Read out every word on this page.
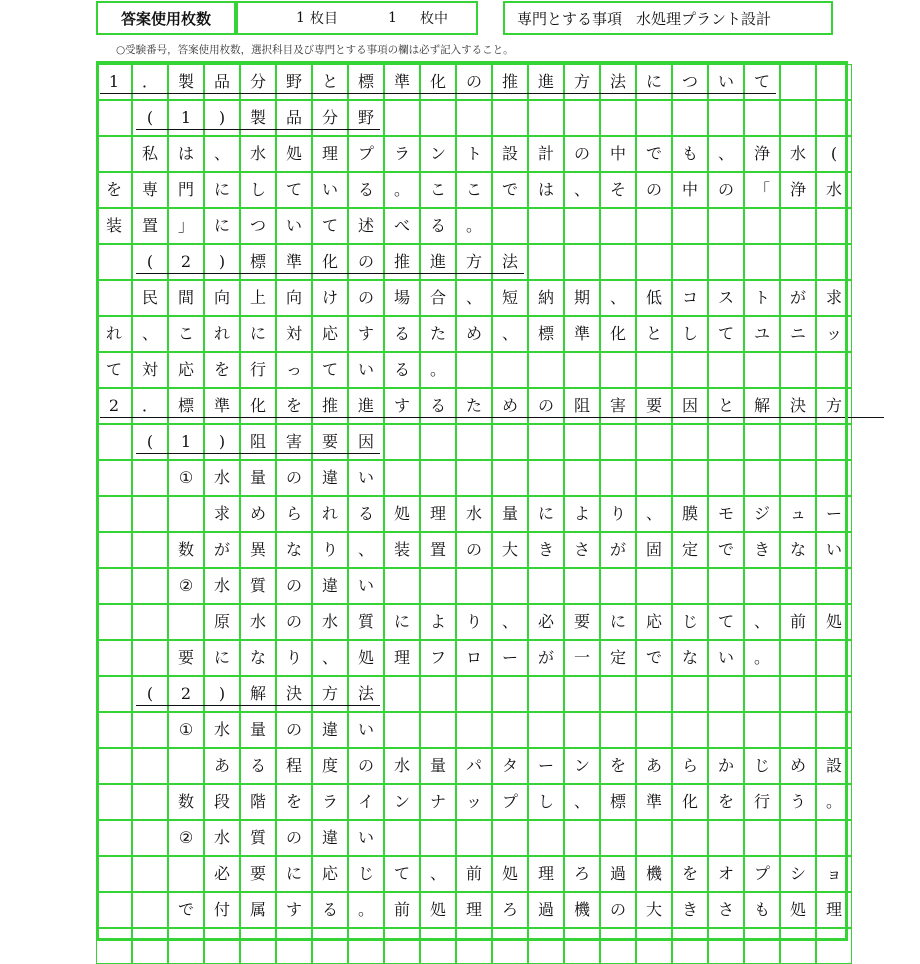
答案使用枚数	1 枚目	1 枚中	専門とする事項 水処理プラント設計
○受験番号，答案使用枚数，選択科目及び専門とする事項の欄は必ず記入すること。
1	．	製	品	分	野	と	標	準	化	の	推	進	方	法	に	つ	い	て
(	1	)	製	品	分	野
私	は	、	水	処	理	プ	ラ	ン	ト	設	計	の	中	で	も	、	浄	水	(
を	専	門	に	し	て	い	る	。	こ	こ	で	は	、	そ	の	中	の	「	浄	水
装	置	」	に	つ	い	て	述	べ	る	。
(	2	)	標	準	化	の	推	進	方	法
民	間	向	上	向	け	の	場	合	、	短	納	期	、	低	コ	ス	ト	が	求
れ	、	こ	れ	に	対	応	す	る	た	め	、	標	準	化	と	し	て	ユ	ニ	ッ
て	対	応	を	行	っ	て	い	る	。
2	．	標	準	化	を	推	進	す	る	た	め	の	阻	害	要	因	と	解	決	方
(	1	)	阻	害	要	因
①	水	量	の	違	い
求	め	ら	れ	る	処	理	水	量	に	よ	り	、	膜	モ	ジ	ュ	ー
数	が	異	な	り	、	装	置	の	大	き	さ	が	固	定	で	き	な	い
②	水	質	の	違	い
原	水	の	水	質	に	よ	り	、	必	要	に	応	じ	て	、	前	処
要	に	な	り	、	処	理	フ	ロ	ー	が	一	定	で	な	い	。
(	2	)	解	決	方	法
①	水	量	の	違	い
あ	る	程	度	の	水	量	パ	タ	ー	ン	を	あ	ら	か	じ	め	設
数	段	階	を	ラ	イ	ン	ナ	ッ	プ	し	、	標	準	化	を	行	う	。
②	水	質	の	違	い
必	要	に	応	じ	て	、	前	処	理	ろ	過	機	を	オ	プ	シ	ョ
で	付	属	す	る	。	前	処	理	ろ	過	機	の	大	き	さ	も	処	理
